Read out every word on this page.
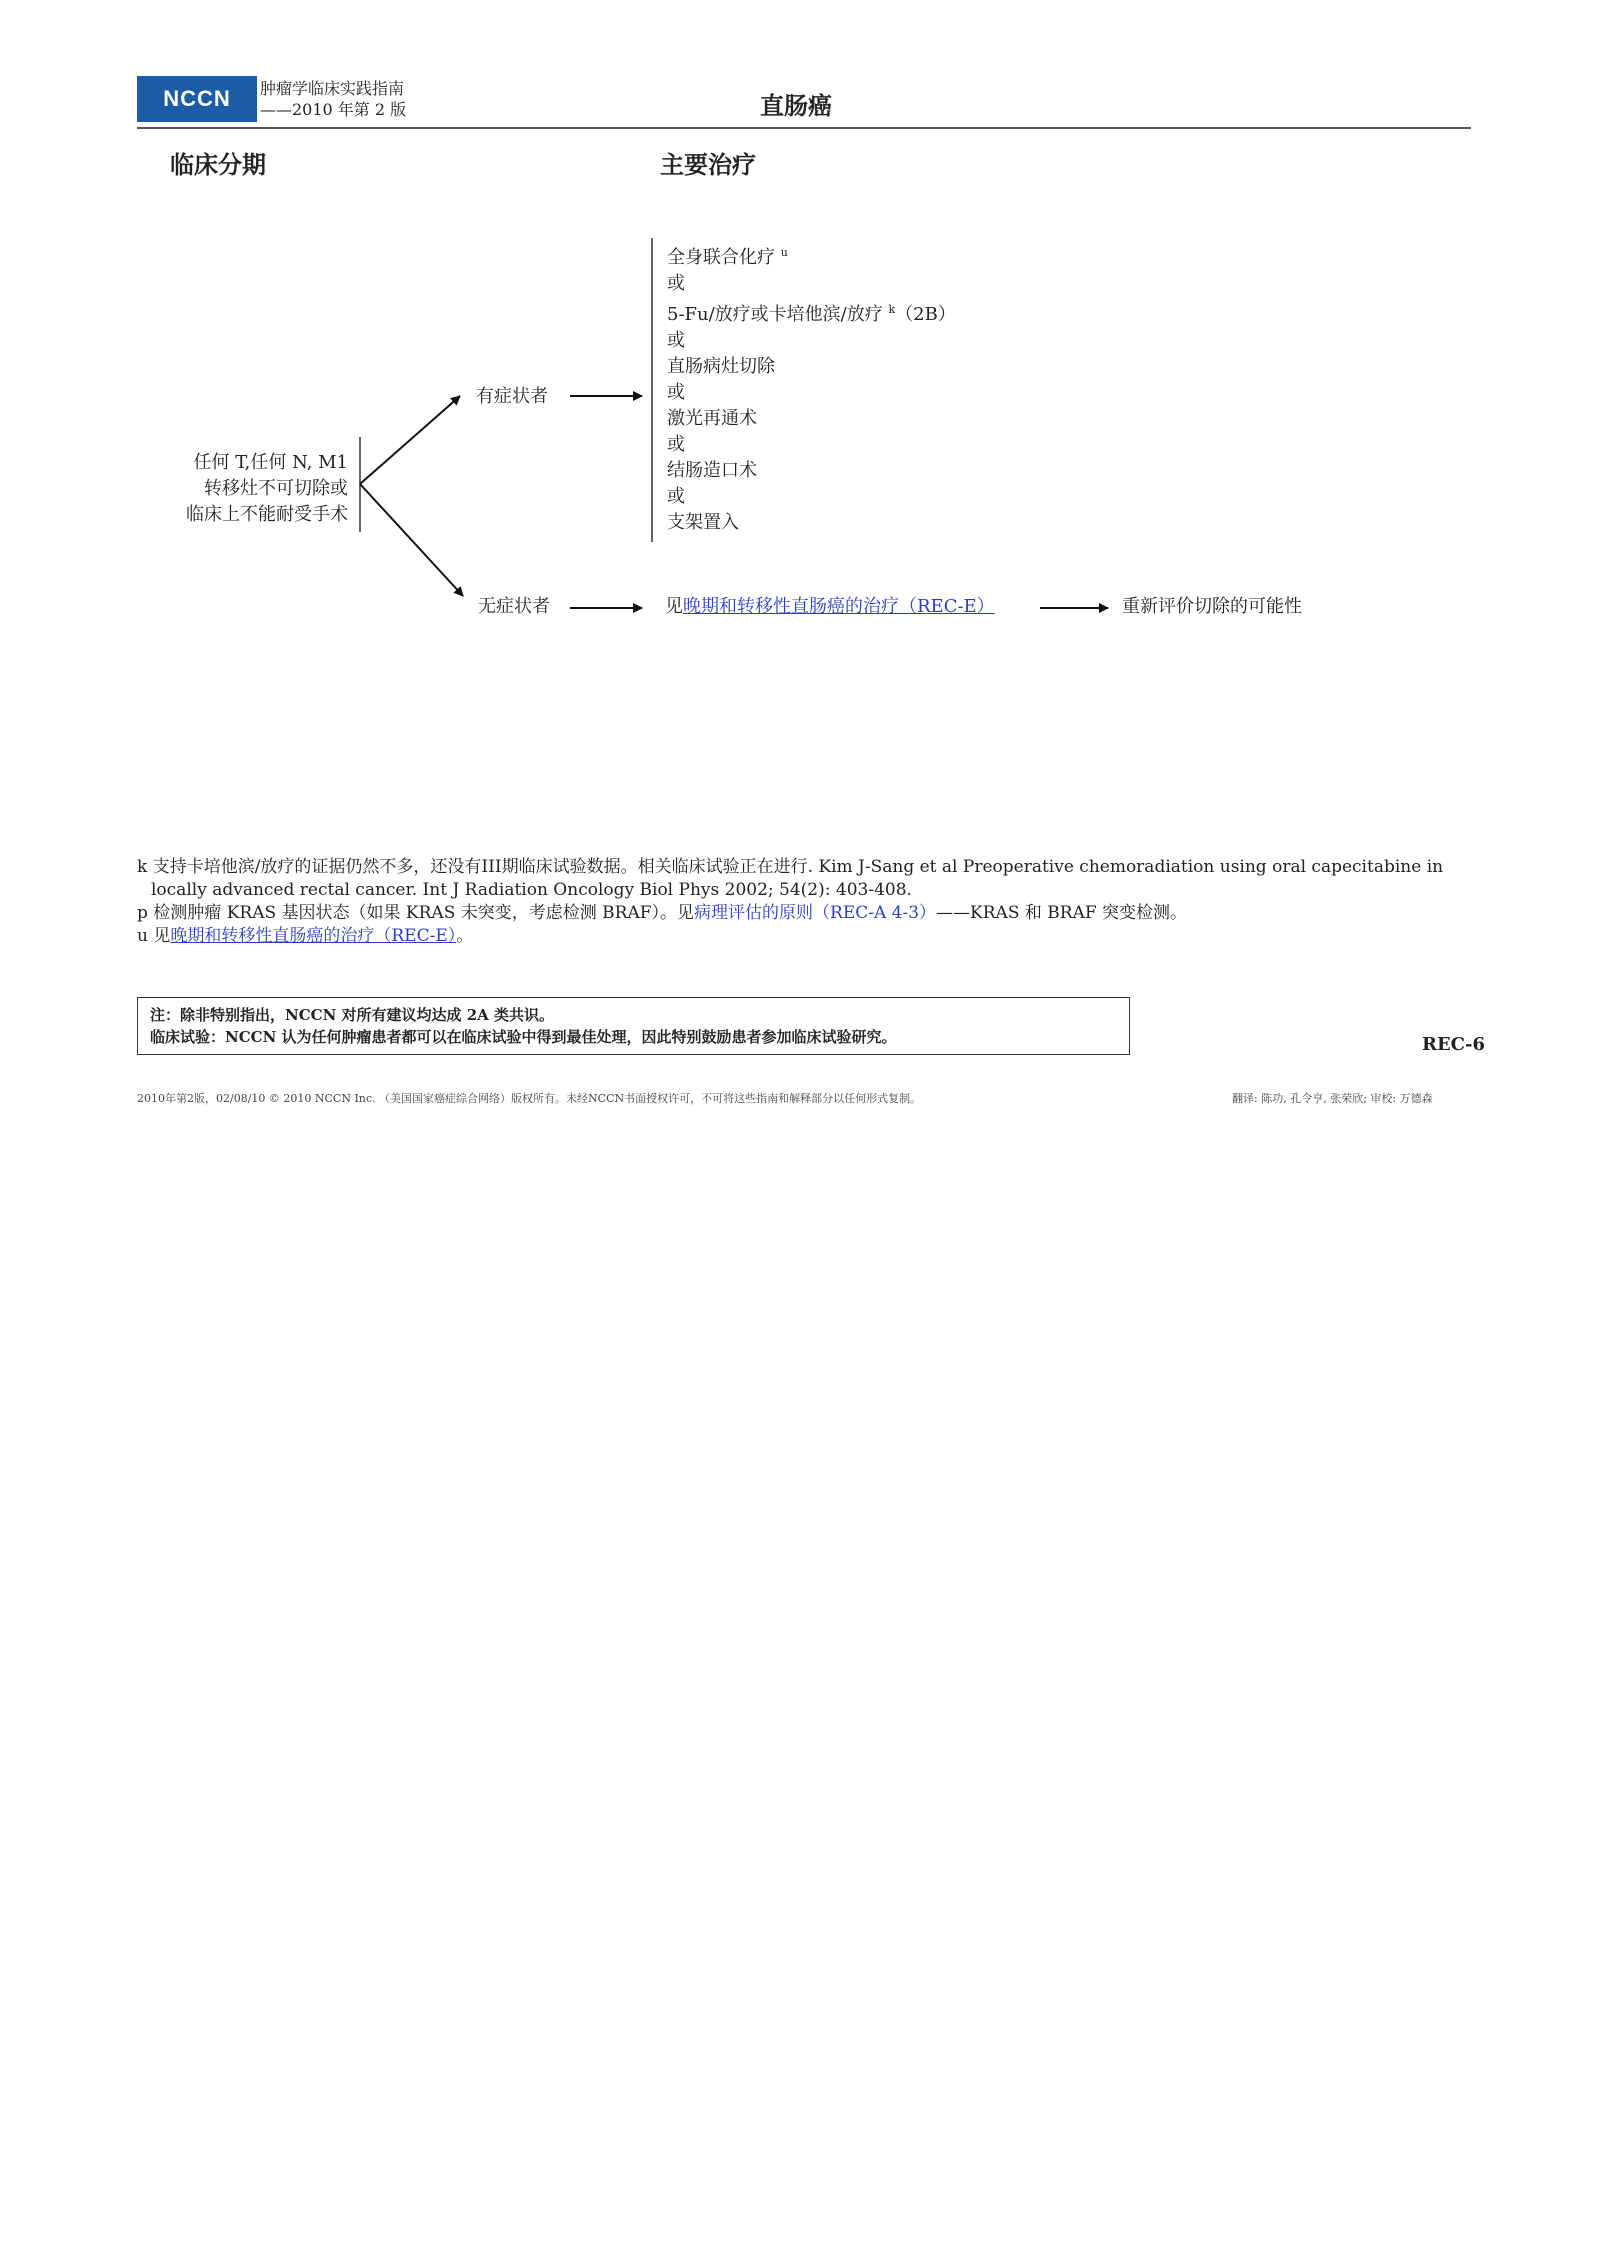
NCCN 肿瘤学临床实践指南
——2010 年第 2 版	直肠癌
临床分期	主要治疗
任何 T,任何 N, M1
转移灶不可切除或
临床上不能耐受手术
有症状者
无症状者
全身联合化疗 $^u$
或
5-Fu/放疗或卡培他滨/放疗 $^k$（2B）
或
直肠病灶切除
或
激光再通术
或
结肠造口术
或
支架置入
见晚期和转移性直肠癌的治疗（REC-E）	重新评价切除的可能性
k 支持卡培他滨/放疗的证据仍然不多，还没有III期临床试验数据。相关临床试验正在进行. Kim J-Sang et al Preoperative chemoradiation using oral capecitabine in
locally advanced rectal cancer. Int J Radiation Oncology Biol Phys 2002; 54(2): 403-408.
p 检测肿瘤 KRAS 基因状态（如果 KRAS 未突变，考虑检测 BRAF）。见病理评估的原则（REC-A 4-3）——KRAS 和 BRAF 突变检测。
u 见晚期和转移性直肠癌的治疗（REC-E）。
注：除非特别指出，NCCN 对所有建议均达成 2A 类共识。
临床试验：NCCN 认为任何肿瘤患者都可以在临床试验中得到最佳处理，因此特别鼓励患者参加临床试验研究。	REC-6
2010年第2版，02/08/10 © 2010 NCCN Inc. （美国国家癌症综合网络）版权所有。未经NCCN书面授权许可，不可将这些指南和解释部分以任何形式复制。	翻译: 陈功, 孔令亨, 张荣欣; 审校: 万德森
